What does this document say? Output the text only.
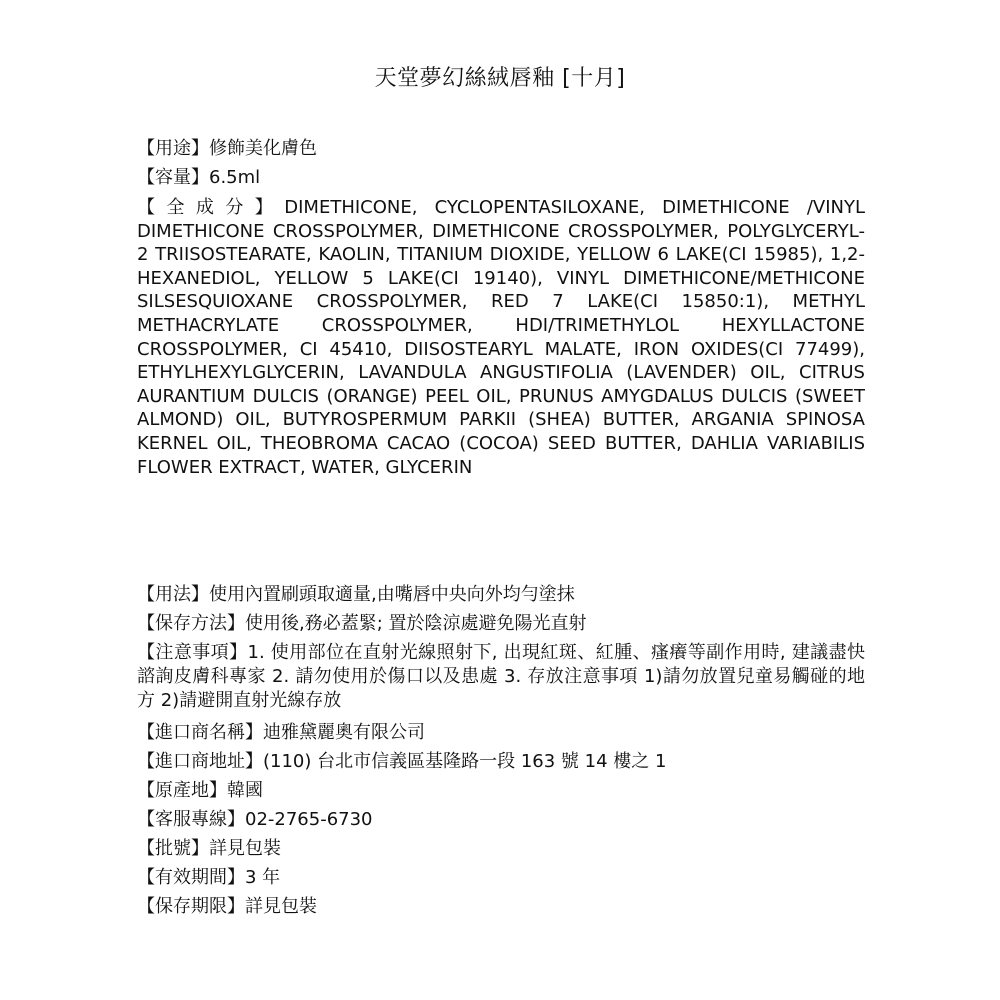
天堂夢幻絲絨唇釉 [十月]
【用途】修飾美化膚色
【容量】6.5ml
【全成分】DIMETHICONE, CYCLOPENTASILOXANE, DIMETHICONE /VINYL DIMETHICONE CROSSPOLYMER, DIMETHICONE CROSSPOLYMER, POLYGLYCERYL-2 TRIISOSTEARATE, KAOLIN, TITANIUM DIOXIDE, YELLOW 6 LAKE(CI 15985), 1,2-HEXANEDIOL, YELLOW 5 LAKE(CI 19140), VINYL DIMETHICONE/METHICONE SILSESQUIOXANE CROSSPOLYMER, RED 7 LAKE(CI 15850:1), METHYL METHACRYLATE CROSSPOLYMER, HDI/TRIMETHYLOL HEXYLLACTONE CROSSPOLYMER, CI 45410, DIISOSTEARYL MALATE, IRON OXIDES(CI 77499), ETHYLHEXYLGLYCERIN, LAVANDULA ANGUSTIFOLIA (LAVENDER) OIL, CITRUS AURANTIUM DULCIS (ORANGE) PEEL OIL, PRUNUS AMYGDALUS DULCIS (SWEET ALMOND) OIL, BUTYROSPERMUM PARKII (SHEA) BUTTER, ARGANIA SPINOSA KERNEL OIL, THEOBROMA CACAO (COCOA) SEED BUTTER, DAHLIA VARIABILIS FLOWER EXTRACT, WATER, GLYCERIN
【用法】使用內置刷頭取適量,由嘴唇中央向外均勻塗抹
【保存方法】使用後,務必蓋緊; 置於陰涼處避免陽光直射
【注意事項】1. 使用部位在直射光線照射下, 出現紅斑、紅腫、瘙癢等副作用時, 建議盡快諮詢皮膚科專家 2. 請勿使用於傷口以及患處 3. 存放注意事項 1)請勿放置兒童易觸碰的地方 2)請避開直射光線存放
【進口商名稱】迪雅黛麗奧有限公司
【進口商地址】(110) 台北市信義區基隆路一段 163 號 14 樓之 1
【原產地】韓國
【客服專線】02-2765-6730
【批號】詳見包裝
【有效期間】3 年
【保存期限】詳見包裝
